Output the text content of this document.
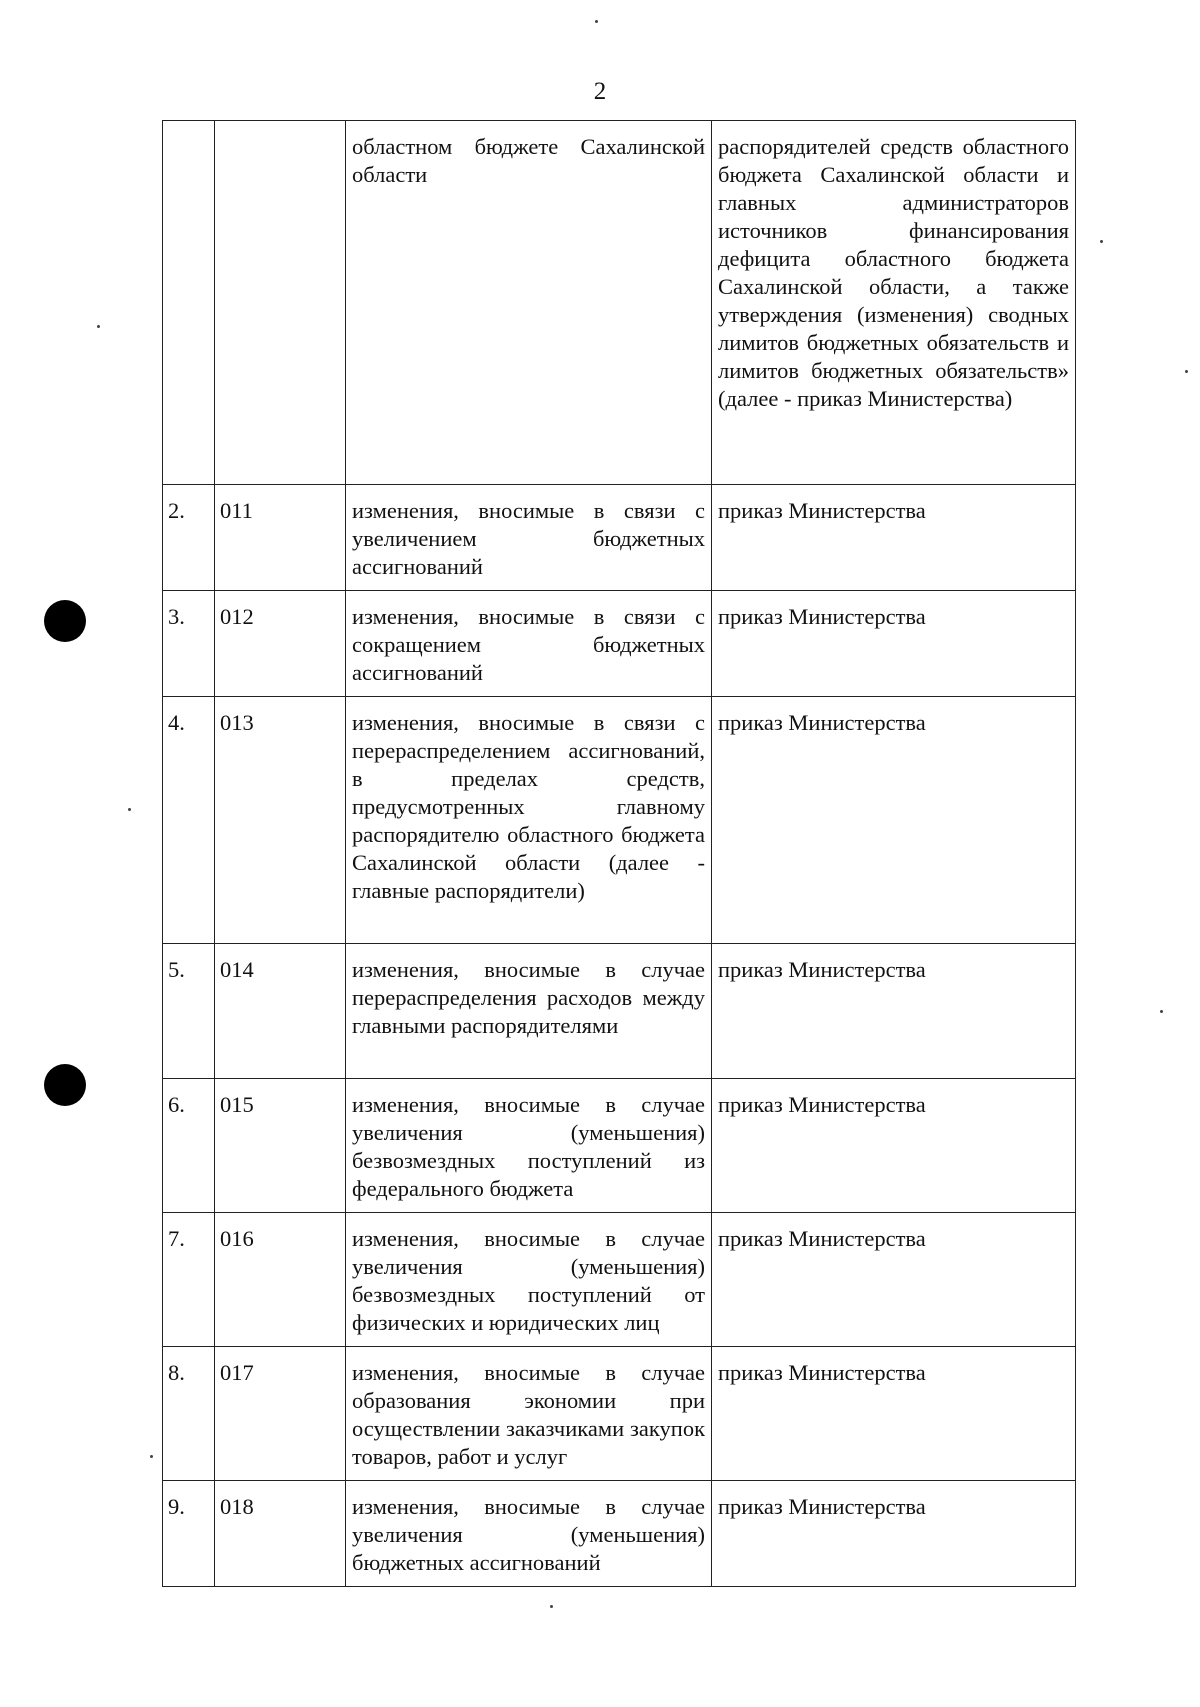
2
		областном бюджете Сахалинской области	распорядителей средств областного бюджета Сахалинской области и главных администраторов источников финансирования дефицита областного бюджета Сахалинской области, а также утверждения (изменения) сводных лимитов бюджетных обязательств и лимитов бюджетных обязательств» (далее - приказ Министерства)
2.	011	изменения, вносимые в связи с увеличением бюджетных ассигнований	приказ Министерства
3.	012	изменения, вносимые в связи с сокращением бюджетных ассигнований	приказ Министерства
4.	013	изменения, вносимые в связи с перераспределением ассигнований, в пределах средств, предусмотренных главному распорядителю областного бюджета Сахалинской области (далее - главные распорядители)	приказ Министерства
5.	014	изменения, вносимые в случае перераспределения расходов между главными распорядителями	приказ Министерства
6.	015	изменения, вносимые в случае увеличения (уменьшения) безвозмездных поступлений из федерального бюджета	приказ Министерства
7.	016	изменения, вносимые в случае увеличения (уменьшения) безвозмездных поступлений от физических и юридических лиц	приказ Министерства
8.	017	изменения, вносимые в случае образования экономии при осуществлении заказчиками закупок товаров, работ и услуг	приказ Министерства
9.	018	изменения, вносимые в случае увеличения (уменьшения) бюджетных ассигнований	приказ Министерства
